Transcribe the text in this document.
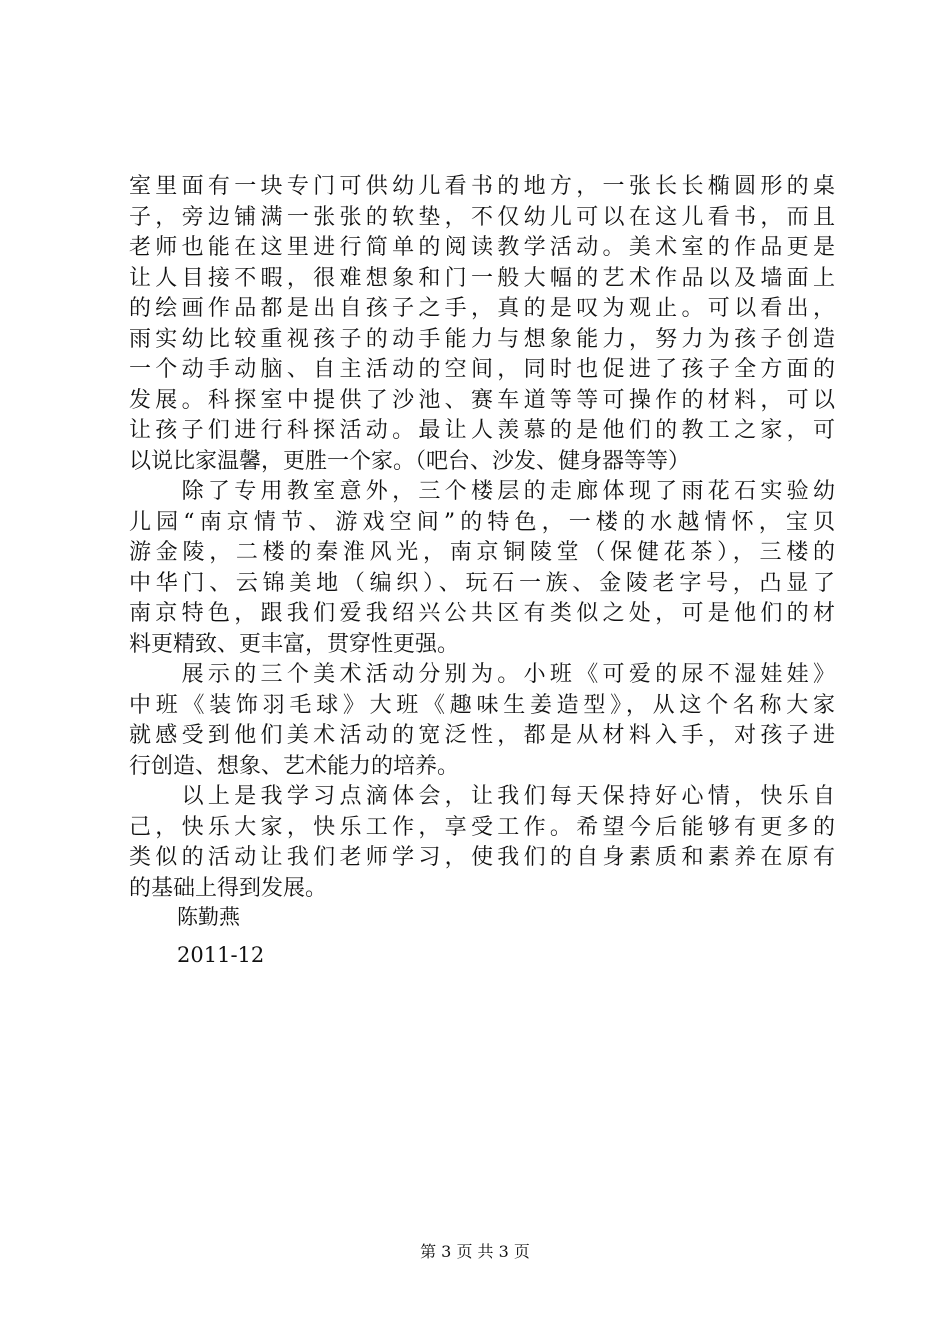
室里面有一块专门可供幼儿看书的地方，一张长长椭圆形的桌
子，旁边铺满一张张的软垫，不仅幼儿可以在这儿看书，而且
老师也能在这里进行简单的阅读教学活动。美术室的作品更是
让人目接不暇，很难想象和门一般大幅的艺术作品以及墙面上
的绘画作品都是出自孩子之手，真的是叹为观止。可以看出，
雨实幼比较重视孩子的动手能力与想象能力，努力为孩子创造
一个动手动脑、自主活动的空间，同时也促进了孩子全方面的
发展。科探室中提供了沙池、赛车道等等可操作的材料，可以
让孩子们进行科探活动。最让人羡慕的是他们的教工之家，可
以说比家温馨，更胜一个家。（吧台、沙发、健身器等等）
　　除了专用教室意外，三个楼层的走廊体现了雨花石实验幼
儿园“南京情节、游戏空间”的特色，一楼的水越情怀，宝贝
游金陵，二楼的秦淮风光，南京铜陵堂（保健花茶），三楼的
中华门、云锦美地（编织）、玩石一族、金陵老字号，凸显了
南京特色，跟我们爱我绍兴公共区有类似之处，可是他们的材
料更精致、更丰富，贯穿性更强。
　　展示的三个美术活动分别为。小班《可爱的尿不湿娃娃》
中班《装饰羽毛球》大班《趣味生姜造型》，从这个名称大家
就感受到他们美术活动的宽泛性，都是从材料入手，对孩子进
行创造、想象、艺术能力的培养。
　　以上是我学习点滴体会，让我们每天保持好心情，快乐自
己，快乐大家，快乐工作，享受工作。希望今后能够有更多的
类似的活动让我们老师学习，使我们的自身素质和素养在原有
的基础上得到发展。
陈勤燕
2011-12
第 3 页 共 3 页
